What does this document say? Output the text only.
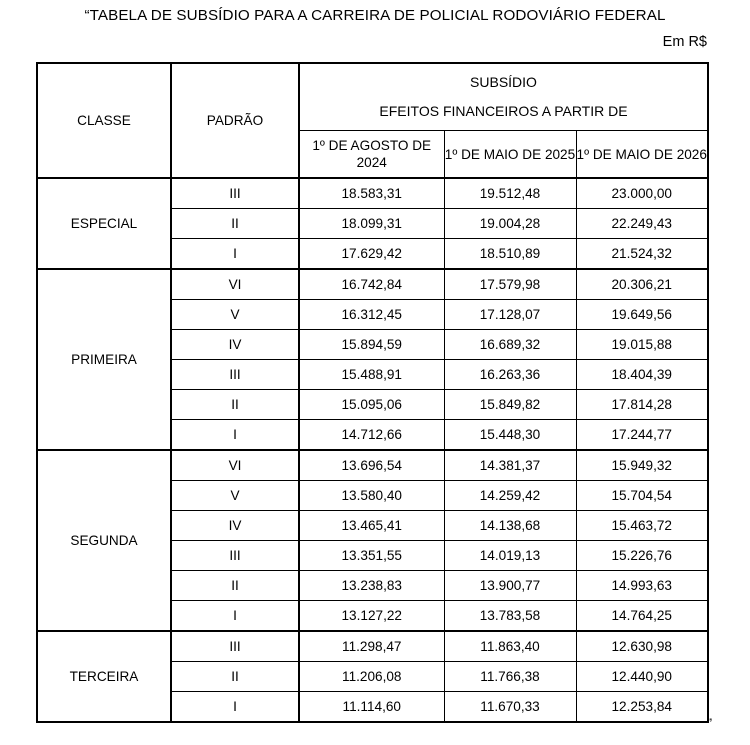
“TABELA DE SUBSÍDIO PARA A CARREIRA DE POLICIAL RODOVIÁRIO FEDERAL
Em R$
CLASSE	PADRÃO	SUBSÍDIO
EFEITOS FINANCEIROS A PARTIR DE		

		1º DE AGOSTO DE 2024	1º DE MAIO DE 2025	1º DE MAIO DE 2026
ESPECIAL	III	18.583,31	19.512,48	23.000,00
	II	18.099,31	19.004,28	22.249,43
	I	17.629,42	18.510,89	21.524,32
PRIMEIRA	VI	16.742,84	17.579,98	20.306,21
	V	16.312,45	17.128,07	19.649,56
	IV	15.894,59	16.689,32	19.015,88
	III	15.488,91	16.263,36	18.404,39
	II	15.095,06	15.849,82	17.814,28
	I	14.712,66	15.448,30	17.244,77
SEGUNDA	VI	13.696,54	14.381,37	15.949,32
	V	13.580,40	14.259,42	15.704,54
	IV	13.465,41	14.138,68	15.463,72
	III	13.351,55	14.019,13	15.226,76
	II	13.238,83	13.900,77	14.993,63
	I	13.127,22	13.783,58	14.764,25
TERCEIRA	III	11.298,47	11.863,40	12.630,98
	II	11.206,08	11.766,38	12.440,90
	I	11.114,60	11.670,33	12.253,84
”
